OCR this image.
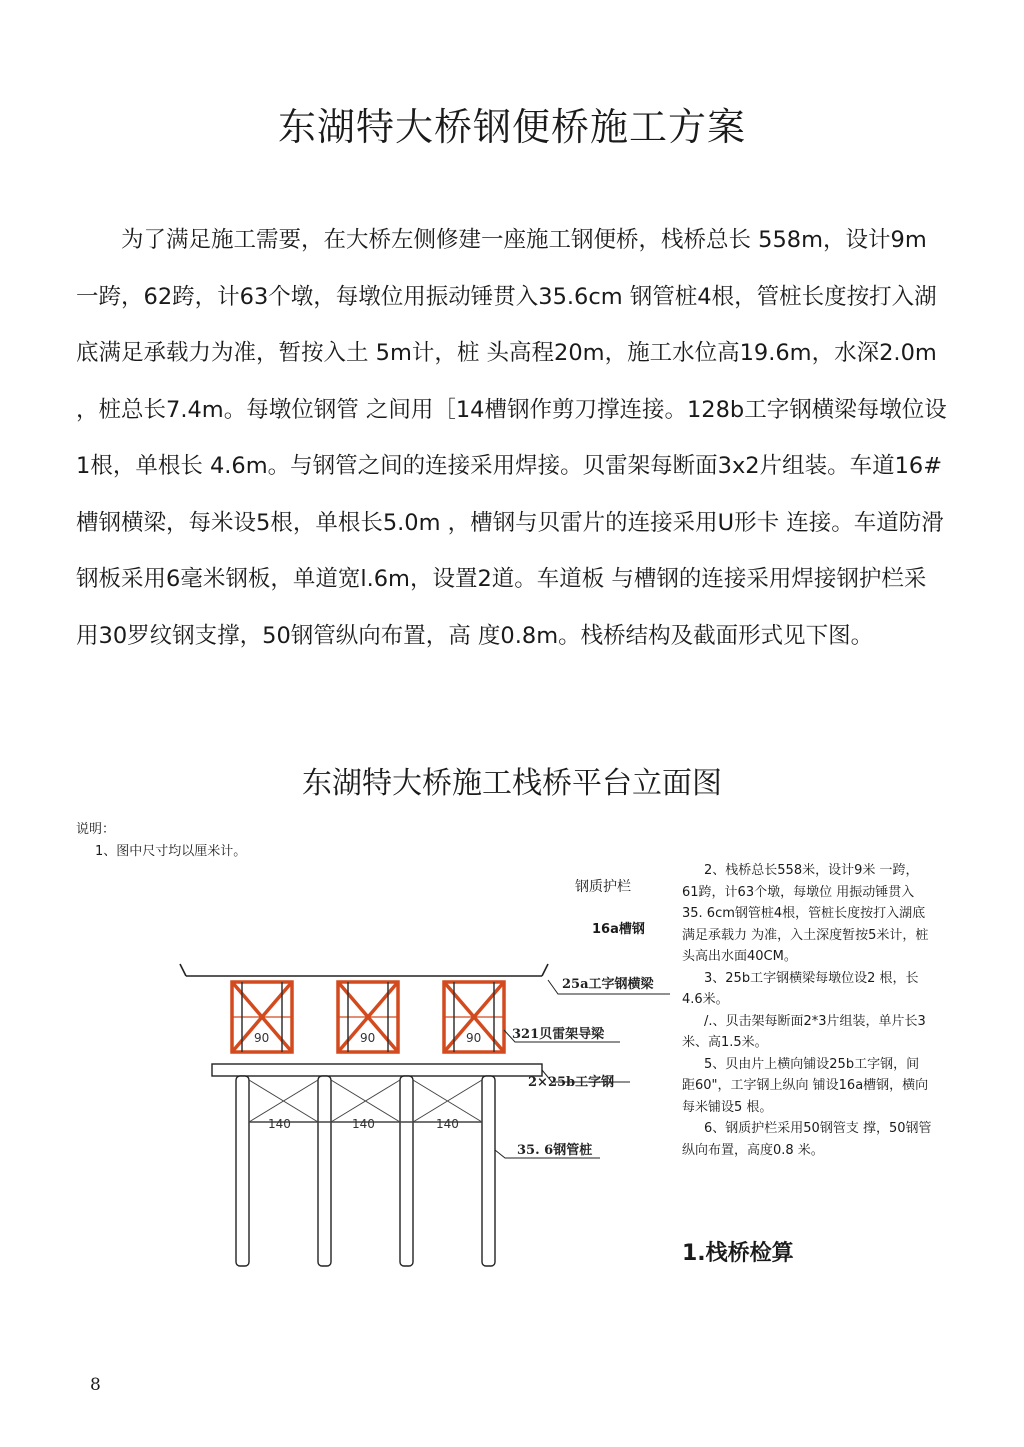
东湖特大桥钢便桥施工方案

为了满足施工需要，在大桥左侧修建一座施工钢便桥，栈桥总长 558m，设计9m一跨，62跨，计63个墩，每墩位用振动锤贯入35.6cm 钢管桩4根，管桩长度按打入湖底满足承载力为准，暂按入土 5m计，桩 头高程20m，施工水位高19.6m，水深2.0m ，桩总长7.4m。每墩位钢管 之间用［14槽钢作剪刀撑连接。128b工字钢横梁每墩位设1根，单根长 4.6m。与钢管之间的连接采用焊接。贝雷架每断面3x2片组装。车道16# 槽钢横梁，每米设5根，单根长5.0m ，槽钢与贝雷片的连接采用U形卡 连接。车道防滑钢板采用6毫米钢板，单道宽l.6m，设置2道。车道板 与槽钢的连接采用焊接钢护栏采用30罗纹钢支撑，50钢管纵向布置，高 度0.8m。栈桥结构及截面形式见下图。

东湖特大桥施工栈桥平台立面图

说明：

1、图中尺寸均以厘米计。

钢质护栏
16a槽钢

2、栈桥总长558米，设计9米 一跨，61跨，计63个墩，每墩位 用振动锤贯入35. 6cm钢管桩4根，管桩长度按打入湖底满足承载力 为准，入土深度暂按5米计，桩 头高出水面40CM。

3、25b工字钢横梁每墩位设2 根，长4.6米。

/.、贝击架每断面2*3片组装，单片长3米、高1.5米。

5、贝由片上横向铺设25b工字钢，间距60"，工字钢上纵向 铺设16a槽钢，横向每米铺设5 根。

6、钢质护栏采用50钢管支 撑，50钢管纵向布置，高度0.8 米。

1.栈桥检算
8
90	90	90
140	140	140
25a工字钢横梁
321贝雷架导梁
2×25b工字钢
35. 6钢管桩
